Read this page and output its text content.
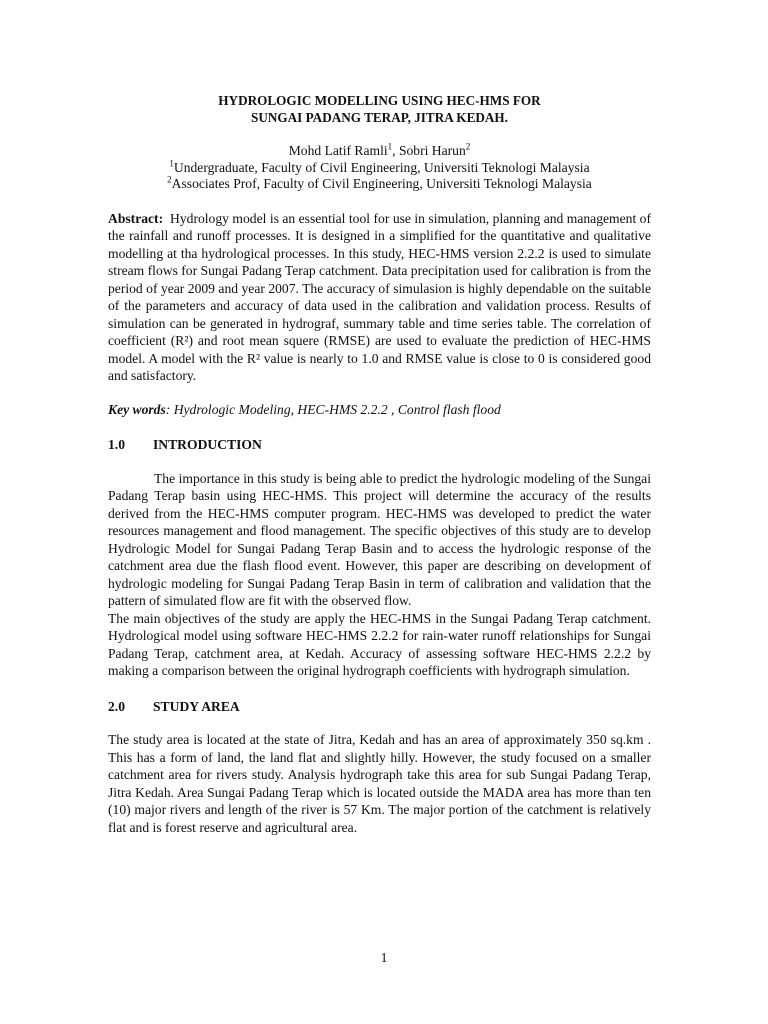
HYDROLOGIC MODELLING USING HEC-HMS FOR
SUNGAI PADANG TERAP, JITRA KEDAH.

Mohd Latif Ramli$^1$, Sobri Harun$^2$
$^1$Undergraduate, Faculty of Civil Engineering, Universiti Teknologi Malaysia
$^2$Associates Prof, Faculty of Civil Engineering, Universiti Teknologi Malaysia
Abstract: Hydrology model is an essential tool for use in simulation, planning and management of the rainfall and runoff processes. It is designed in a simplified for the quantitative and qualitative modelling at tha hydrological processes. In this study, HEC-HMS version 2.2.2 is used to simulate stream flows for Sungai Padang Terap catchment. Data precipitation used for calibration is from the period of year 2009 and year 2007. The accuracy of simulasion is highly dependable on the suitable of the parameters and accuracy of data used in the calibration and validation process. Results of simulation can be generated in hydrograf, summary table and time series table. The correlation of coefficient (R²) and root mean squere (RMSE) are used to evaluate the prediction of HEC-HMS model. A model with the R² value is nearly to 1.0 and RMSE value is close to 0 is considered good and satisfactory.
Key words: Hydrologic Modeling, HEC-HMS 2.2.2 , Control flash flood
1.0	INTRODUCTION
The importance in this study is being able to predict the hydrologic modeling of the Sungai Padang Terap basin using HEC-HMS. This project will determine the accuracy of the results derived from the HEC-HMS computer program. HEC-HMS was developed to predict the water resources management and flood management. The specific objectives of this study are to develop Hydrologic Model for Sungai Padang Terap Basin and to access the hydrologic response of the catchment area due the flash flood event. However, this paper are describing on development of hydrologic modeling for Sungai Padang Terap Basin in term of calibration and validation that the pattern of simulated flow are fit with the observed flow.
The main objectives of the study are apply the HEC-HMS in the Sungai Padang Terap catchment. Hydrological model using software HEC-HMS 2.2.2 for rain-water runoff relationships for Sungai Padang Terap, catchment area, at Kedah. Accuracy of assessing software HEC-HMS 2.2.2 by making a comparison between the original hydrograph coefficients with hydrograph simulation.
2.0	STUDY AREA
The study area is located at the state of Jitra, Kedah and has an area of approximately 350 sq.km . This has a form of land, the land flat and slightly hilly. However, the study focused on a smaller catchment area for rivers study. Analysis hydrograph take this area for sub Sungai Padang Terap, Jitra Kedah. Area Sungai Padang Terap which is located outside the MADA area has more than ten (10) major rivers and length of the river is 57 Km. The major portion of the catchment is relatively flat and is forest reserve and agricultural area.
1
